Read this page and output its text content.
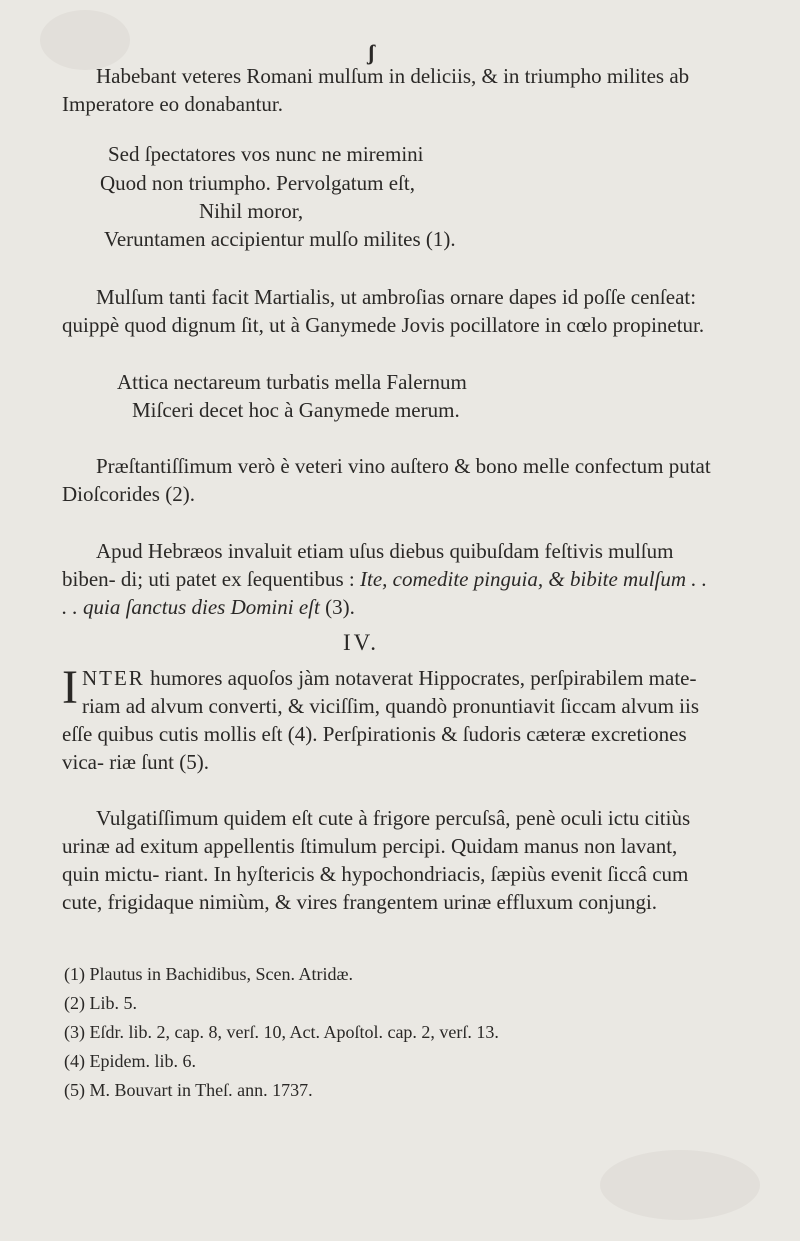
ʃ

Habebant veteres Romani mulſum in deliciis, & in triumpho milites ab Imperatore eo donabantur.

Sed ſpectatores vos nunc ne miremini
Quod non triumpho. Pervolgatum eſt,
Nihil moror,
Veruntamen accipientur mulſo milites (1).

Mulſum tanti facit Martialis, ut ambroſias ornare dapes id poſſe cenſeat: quippè quod dignum ſit, ut à Ganymede Jovis pocillatore in cœlo propinetur.

Attica nectareum turbatis mella Falernum
Miſceri decet hoc à Ganymede merum.

Præſtantiſſimum verò è veteri vino auſtero & bono melle confectum putat Dioſcorides (2).

Apud Hebræos invaluit etiam uſus diebus quibuſdam feſtivis mulſum biben- di; uti patet ex ſequentibus : Ite, comedite pinguia, & bibite mulſum . . . . quia ſanctus dies Domini eſt (3).

IV.

INTER humores aquoſos jàm notaverat Hippocrates, perſpirabilem mate- riam ad alvum converti, & viciſſim, quandò pronuntiavit ſiccam alvum iis eſſe quibus cutis mollis eſt (4). Perſpirationis & ſudoris cæteræ excretiones vica- riæ ſunt (5).

Vulgatiſſimum quidem eſt cute à frigore percuſsâ, penè oculi ictu citiùs urinæ ad exitum appellentis ſtimulum percipi. Quidam manus non lavant, quin mictu- riant. In hyſtericis & hypochondriacis, ſæpiùs evenit ſiccâ cum cute, frigidaque nimiùm, & vires frangentem urinæ effluxum conjungi.

(1) Plautus in Bachidibus, Scen. Atridæ.
(2) Lib. 5.
(3) Eſdr. lib. 2, cap. 8, verſ. 10, Act. Apoſtol. cap. 2, verſ. 13.
(4) Epidem. lib. 6.
(5) M. Bouvart in Theſ. ann. 1737.
